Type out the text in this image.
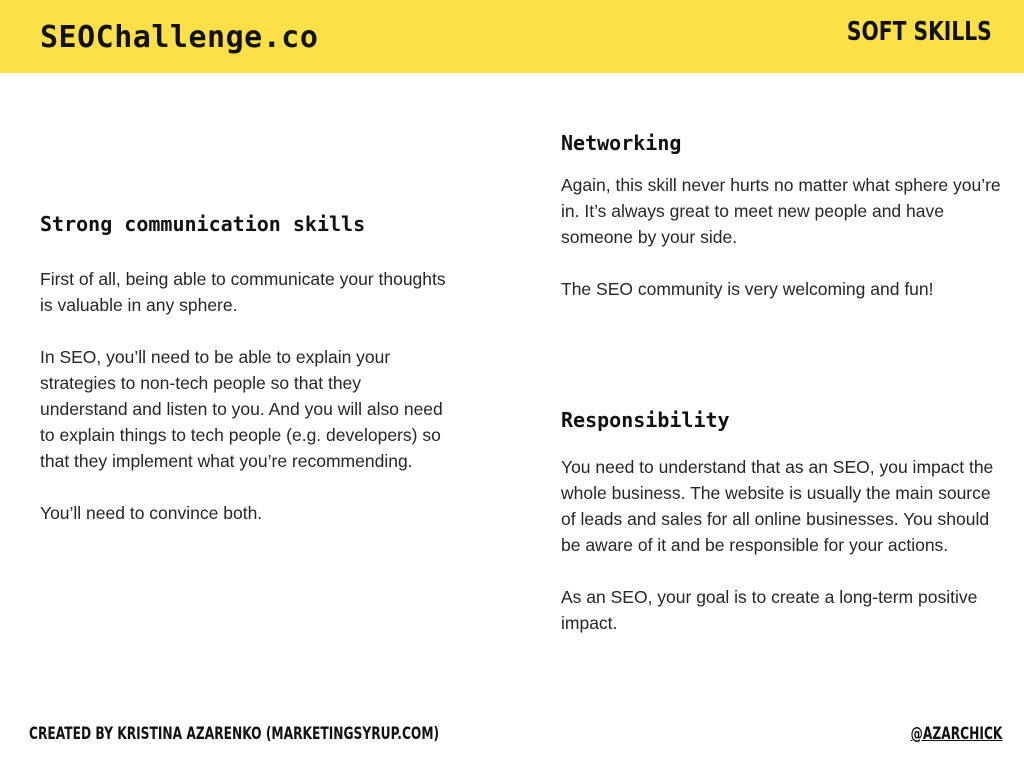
SEOChallenge.co	SOFT SKILLS
Strong communication skills

First of all, being able to communicate your thoughts is valuable in any sphere.

In SEO, you’ll need to be able to explain your strategies to non-tech people so that they understand and listen to you. And you will also need to explain things to tech people (e.g. developers) so that they implement what you’re recommending.

You’ll need to convince both.

Networking

Again, this skill never hurts no matter what sphere you’re in. It’s always great to meet new people and have someone by your side.

The SEO community is very welcoming and fun!

Responsibility

You need to understand that as an SEO, you impact the whole business. The website is usually the main source of leads and sales for all online businesses. You should be aware of it and be responsible for your actions.

As an SEO, your goal is to create a long-term positive impact.

CREATED BY KRISTINA AZARENKO (MARKETINGSYRUP.COM)	@AZARCHICK
